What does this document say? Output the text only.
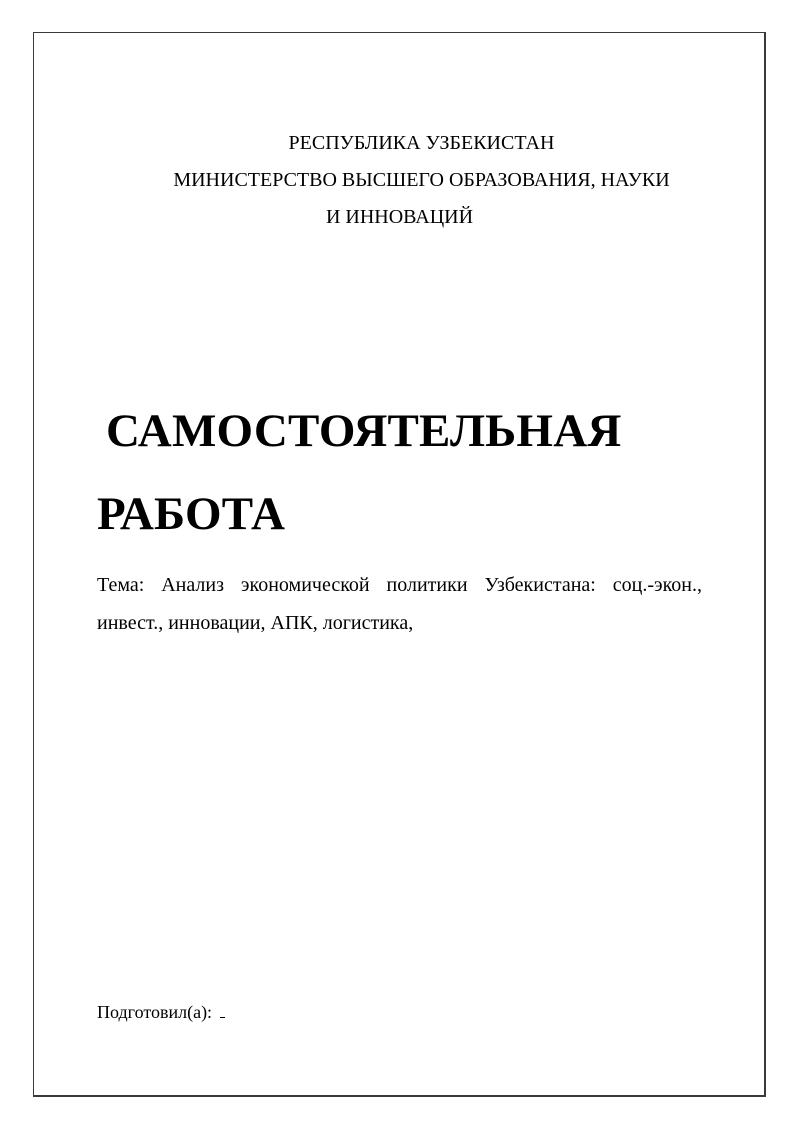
РЕСПУБЛИКА УЗБЕКИСТАН
МИНИСТЕРСТВО ВЫСШЕГО ОБРАЗОВАНИЯ, НАУКИ
И ИННОВАЦИЙ
САМОСТОЯТЕЛЬНАЯ
РАБОТА
Тема: Анализ экономической политики Узбекистана: соц.-экон.,
инвест., инновации, АПК, логистика,
Подготовил(а):
